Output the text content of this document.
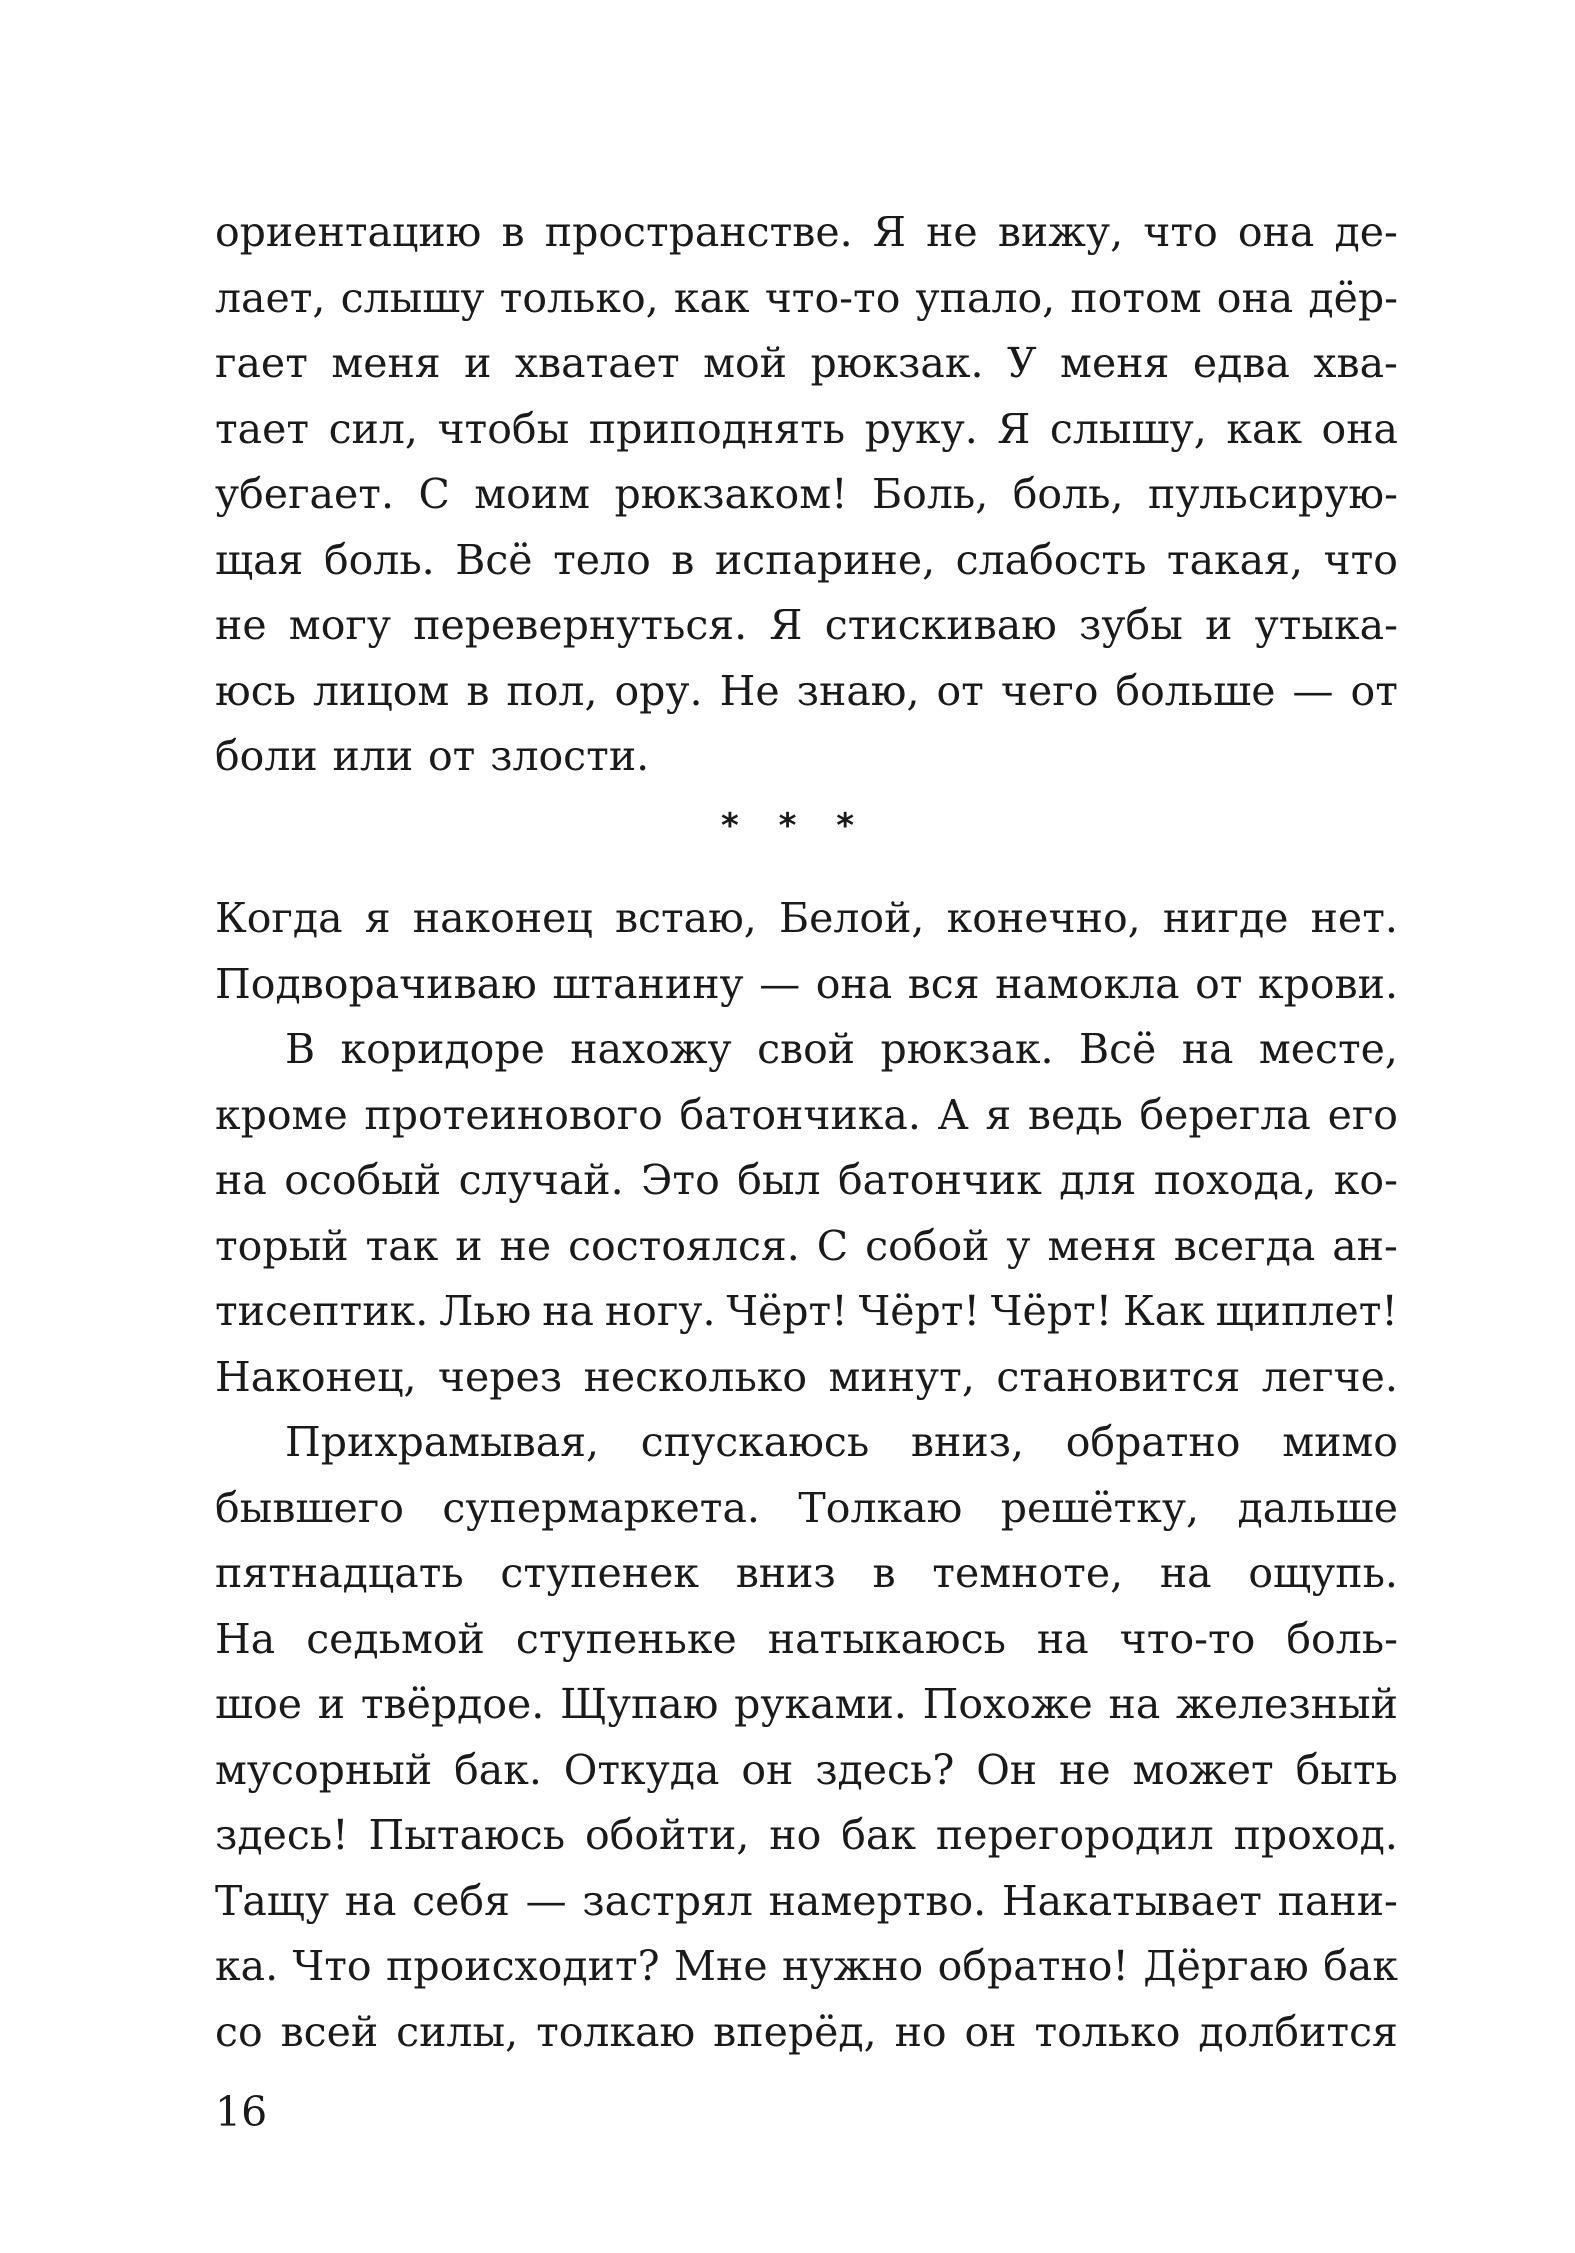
ориентацию в пространстве. Я не вижу, что она де-
лает, слышу только, как что-то упало, потом она дёр-
гает меня и хватает мой рюкзак. У меня едва хва-
тает сил, чтобы приподнять руку. Я слышу, как она
убегает. С моим рюкзаком! Боль, боль, пульсирую-
щая боль. Всё тело в испарине, слабость такая, что
не могу перевернуться. Я стискиваю зубы и утыка-
юсь лицом в пол, ору. Не знаю, от чего больше — от
боли или от злости.
* * *
Когда я наконец встаю, Белой, конечно, нигде нет.
Подворачиваю штанину — она вся намокла от крови.
В коридоре нахожу свой рюкзак. Всё на месте,
кроме протеинового батончика. А я ведь берегла его
на особый случай. Это был батончик для похода, ко-
торый так и не состоялся. С собой у меня всегда ан-
тисептик. Лью на ногу. Чёрт! Чёрт! Чёрт! Как щиплет!
Наконец, через несколько минут, становится легче.
Прихрамывая, спускаюсь вниз, обратно мимо
бывшего супермаркета. Толкаю решётку, дальше
пятнадцать ступенек вниз в темноте, на ощупь.
На седьмой ступеньке натыкаюсь на что-то боль-
шое и твёрдое. Щупаю руками. Похоже на железный
мусорный бак. Откуда он здесь? Он не может быть
здесь! Пытаюсь обойти, но бак перегородил проход.
Тащу на себя — застрял намертво. Накатывает пани-
ка. Что происходит? Мне нужно обратно! Дёргаю бак
со всей силы, толкаю вперёд, но он только долбится
16
